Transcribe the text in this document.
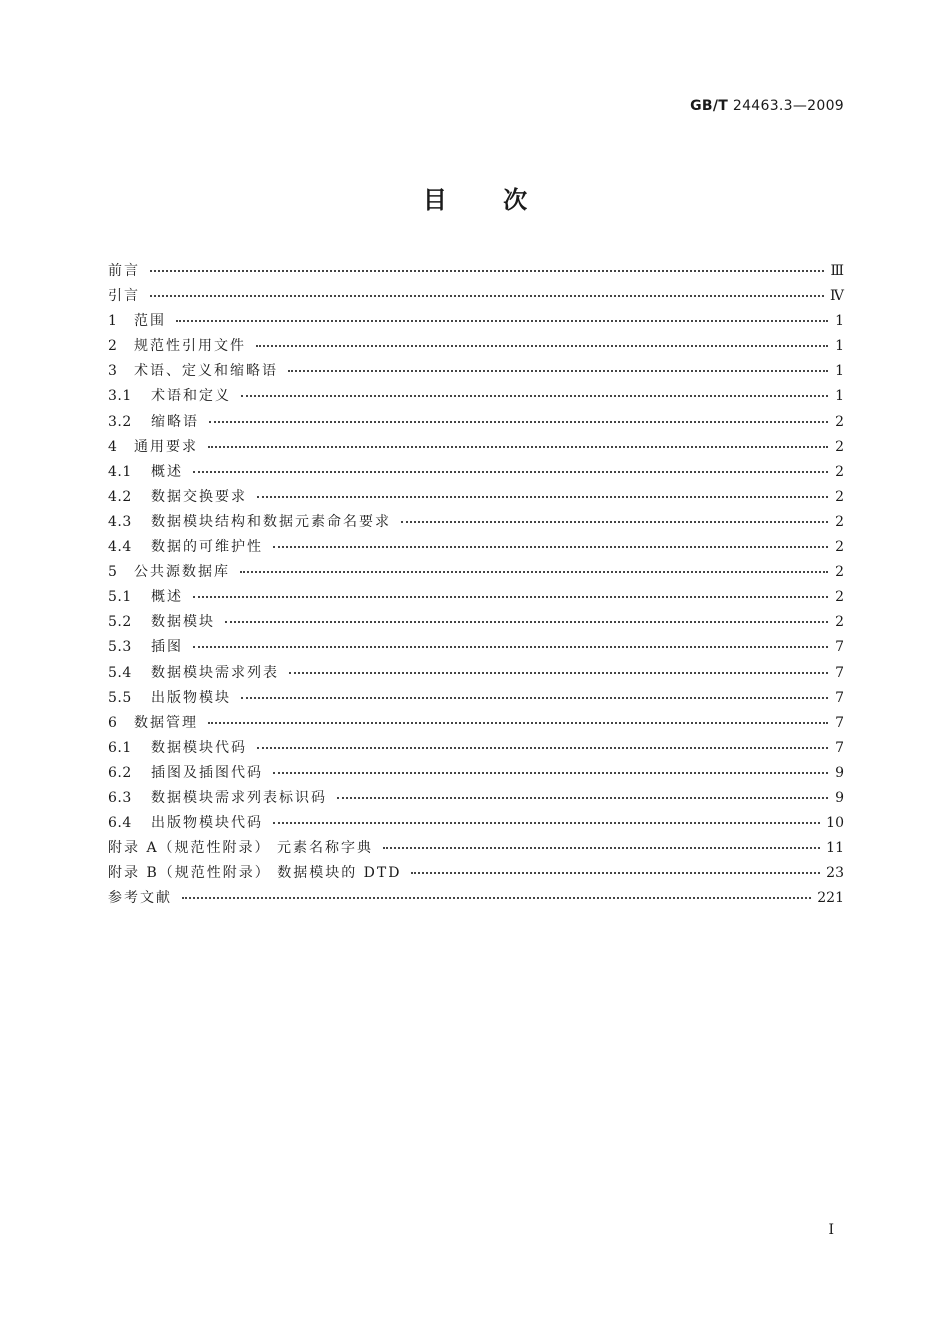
GB/T 24463.3—2009
目 次
前言	Ⅲ
引言	Ⅳ
1	范围	1
2	规范性引用文件	1
3	术语、定义和缩略语	1
3.1	术语和定义	1
3.2	缩略语	2
4	通用要求	2
4.1	概述	2
4.2	数据交换要求	2
4.3	数据模块结构和数据元素命名要求	2
4.4	数据的可维护性	2
5	公共源数据库	2
5.1	概述	2
5.2	数据模块	2
5.3	插图	7
5.4	数据模块需求列表	7
5.5	出版物模块	7
6	数据管理	7
6.1	数据模块代码	7
6.2	插图及插图代码	9
6.3	数据模块需求列表标识码	9
6.4	出版物模块代码	10
附录 A（规范性附录） 元素名称字典	11
附录 B（规范性附录） 数据模块的 DTD	23
参考文献	221
I
